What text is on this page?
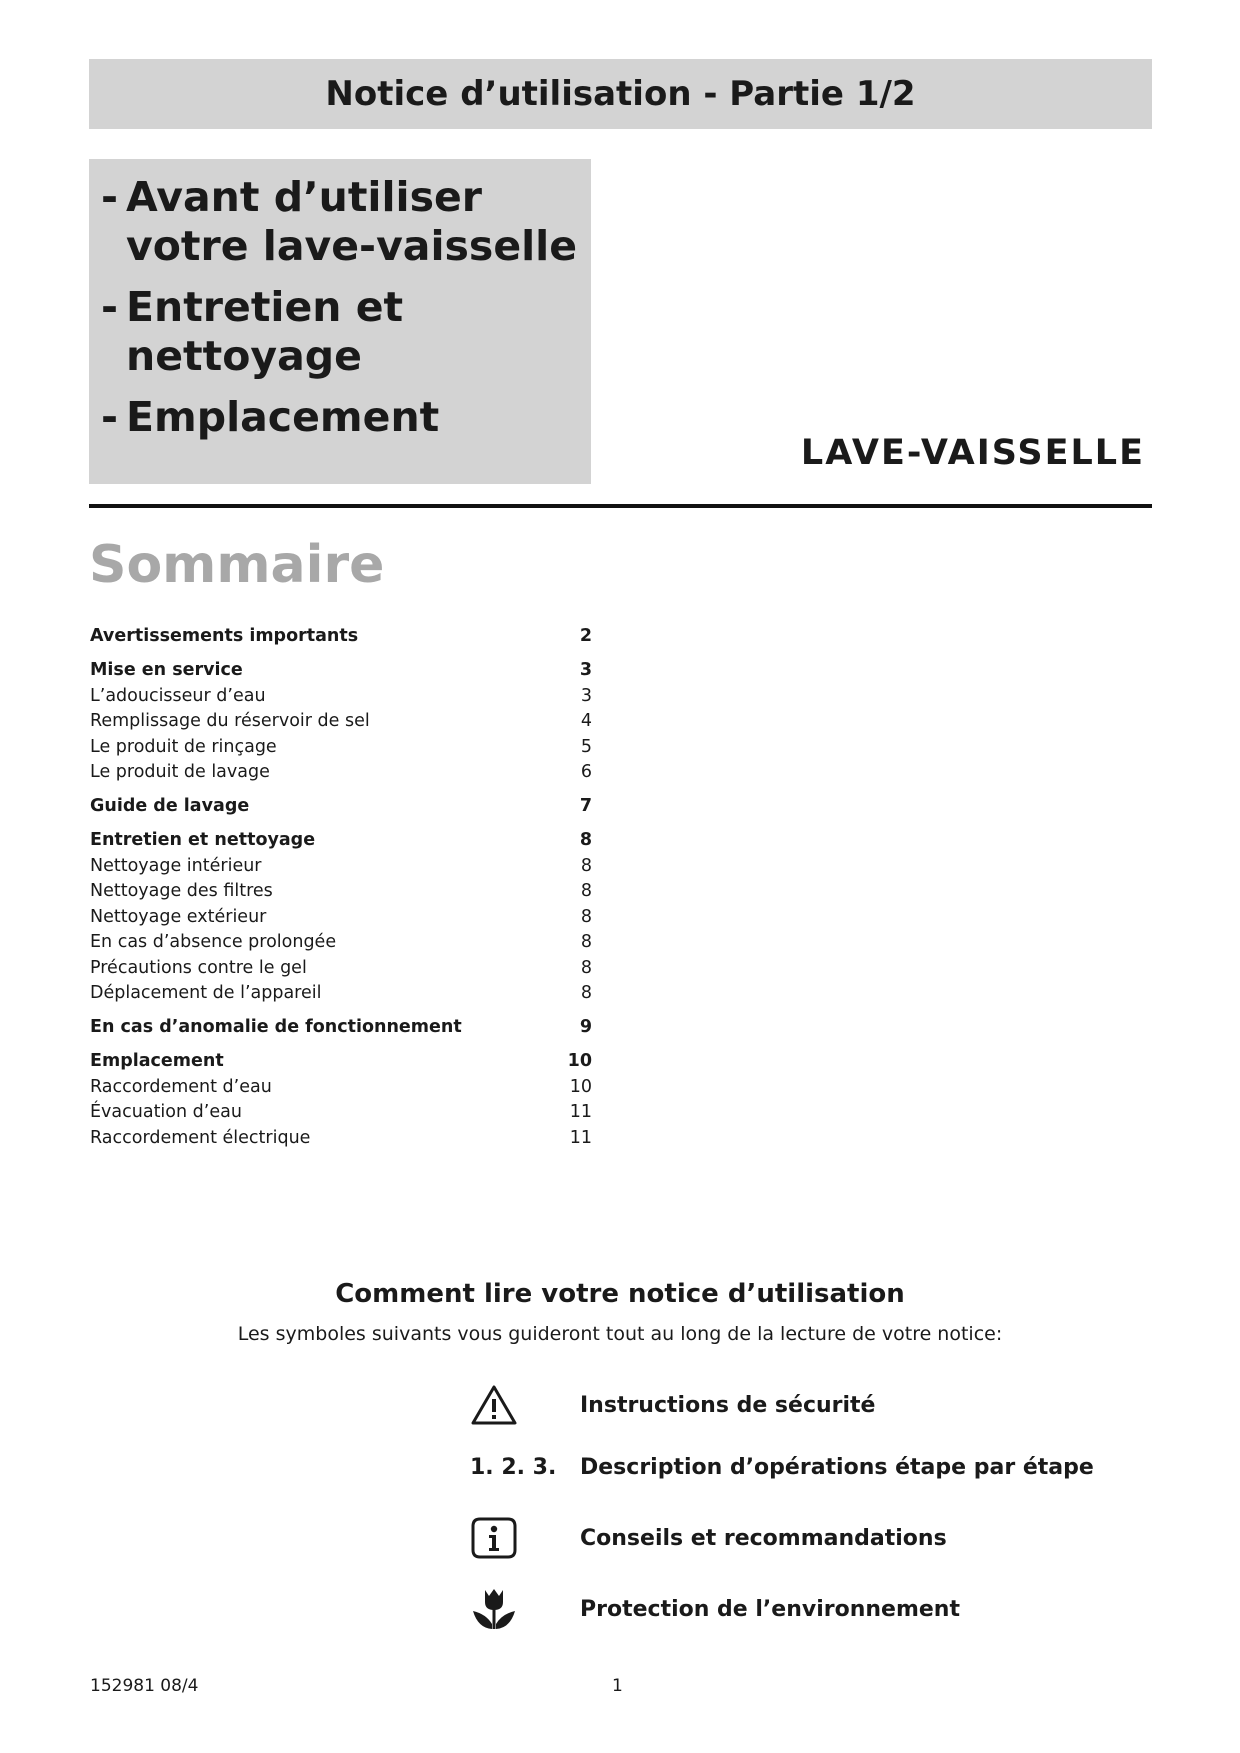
Notice d’utilisation - Partie 1/2
- Avant d’utiliser votre lave-vaisselle
- Entretien et nettoyage
- Emplacement
LAVE-VAISSELLE
Sommaire
Avertissements importants	2
Mise en service	3
L’adoucisseur d’eau	3
Remplissage du réservoir de sel	4
Le produit de rinçage	5
Le produit de lavage	6
Guide de lavage	7
Entretien et nettoyage	8
Nettoyage intérieur	8
Nettoyage des filtres	8
Nettoyage extérieur	8
En cas d’absence prolongée	8
Précautions contre le gel	8
Déplacement de l’appareil	8
En cas d’anomalie de fonctionnement	9
Emplacement	10
Raccordement d’eau	10
Évacuation d’eau	11
Raccordement électrique	11
Comment lire votre notice d’utilisation
Les symboles suivants vous guideront tout au long de la lecture de votre notice:
Instructions de sécurité
1. 2. 3.	Description d’opérations étape par étape
Conseils et recommandations
Protection de l’environnement
152981 08/4	1
